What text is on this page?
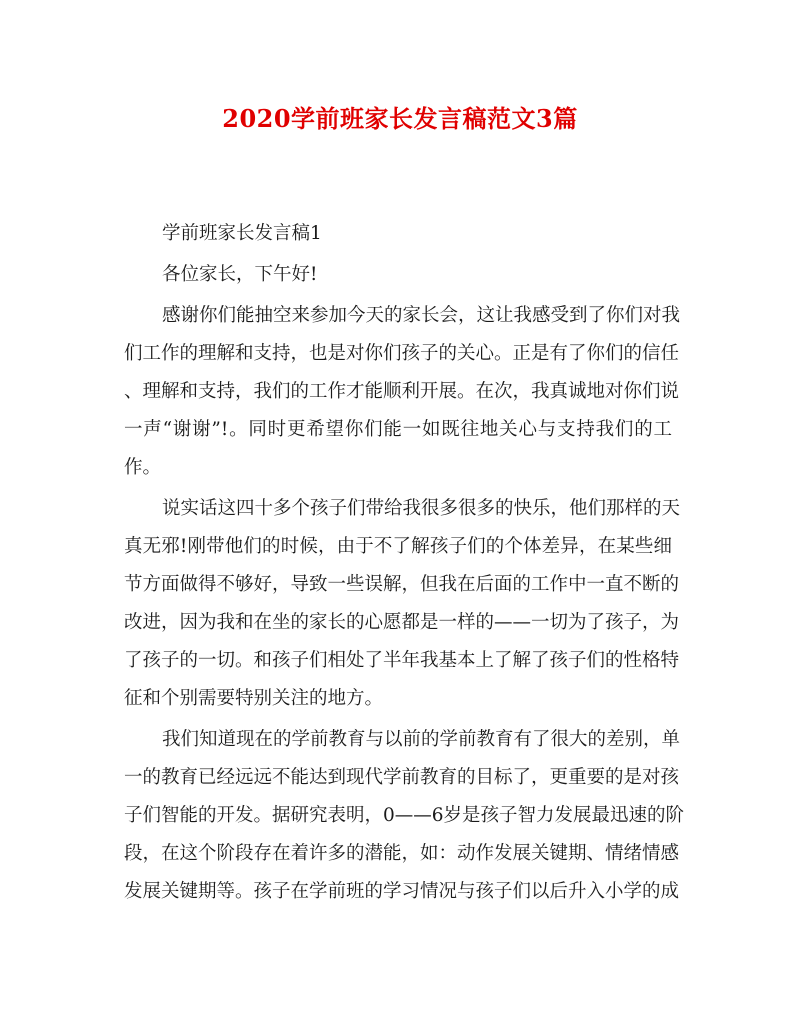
2020学前班家长发言稿范文3篇
学前班家长发言稿1
各位家长，下午好!
感谢你们能抽空来参加今天的家长会，这让我感受到了你们对我
们工作的理解和支持，也是对你们孩子的关心。正是有了你们的信任
、理解和支持，我们的工作才能顺利开展。在次，我真诚地对你们说
一声“谢谢”!。同时更希望你们能一如既往地关心与支持我们的工
作。
说实话这四十多个孩子们带给我很多很多的快乐，他们那样的天
真无邪!刚带他们的时候，由于不了解孩子们的个体差异，在某些细
节方面做得不够好，导致一些误解，但我在后面的工作中一直不断的
改进，因为我和在坐的家长的心愿都是一样的——一切为了孩子，为
了孩子的一切。和孩子们相处了半年我基本上了解了孩子们的性格特
征和个别需要特别关注的地方。
我们知道现在的学前教育与以前的学前教育有了很大的差别，单
一的教育已经远远不能达到现代学前教育的目标了，更重要的是对孩
子们智能的开发。据研究表明，0——6岁是孩子智力发展最迅速的阶
段，在这个阶段存在着许多的潜能，如：动作发展关键期、情绪情感
发展关键期等。孩子在学前班的学习情况与孩子们以后升入小学的成
